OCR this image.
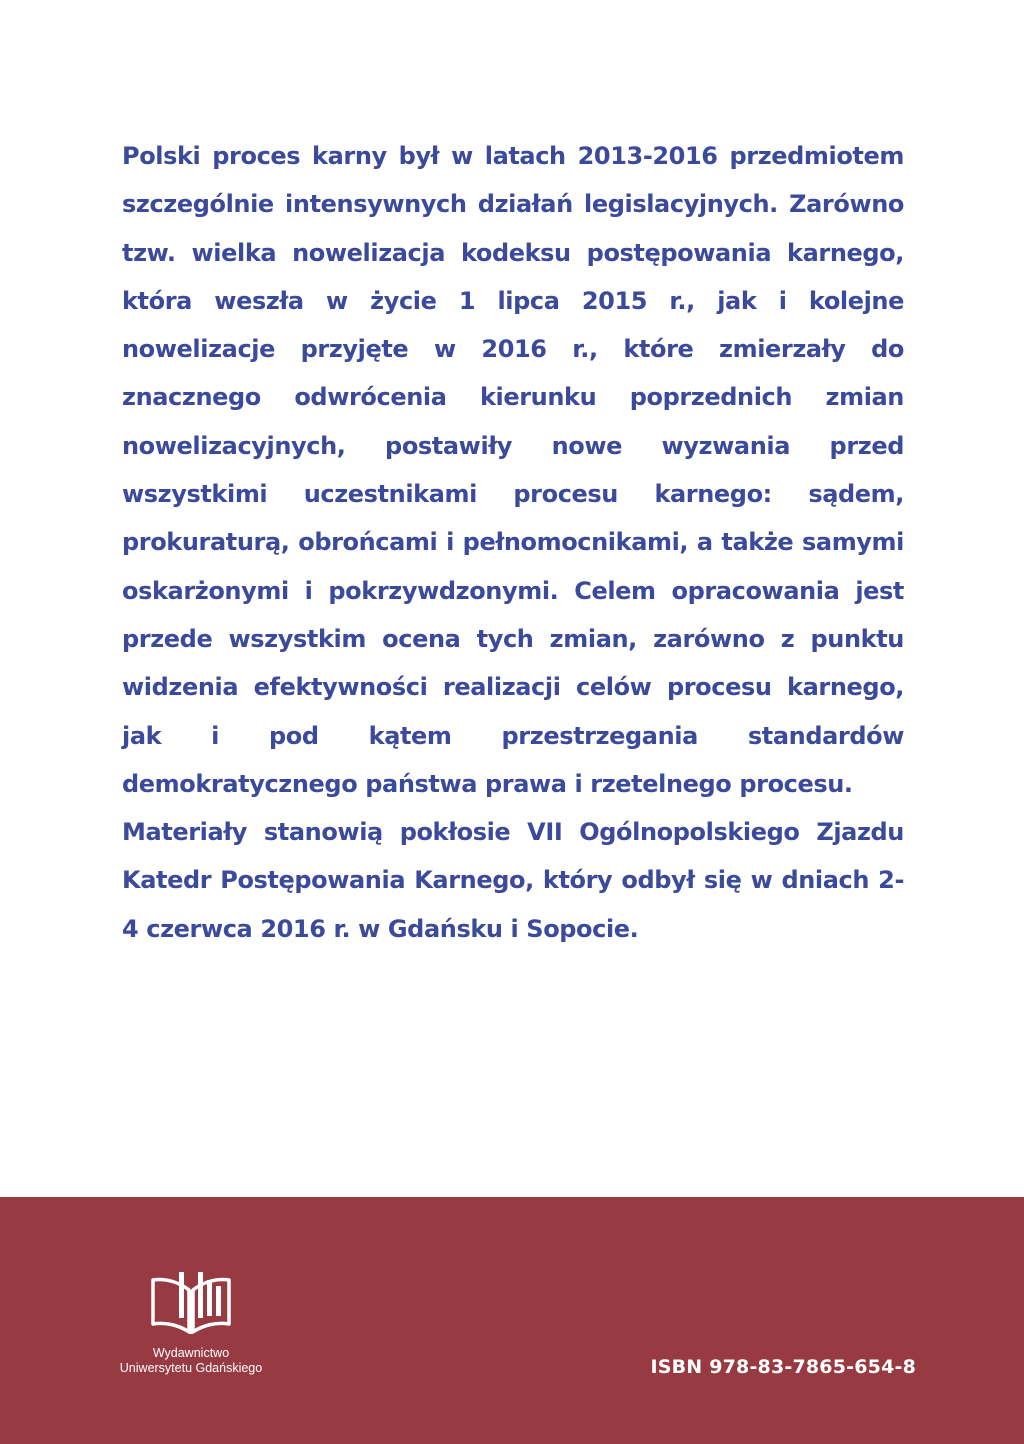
Polski proces karny był w latach 2013-2016 przedmiotem szczególnie intensywnych działań legislacyjnych. Zarówno tzw. wielka nowelizacja kodeksu postępowania karnego, która weszła w życie 1 lipca 2015 r., jak i kolejne nowelizacje przyjęte w 2016 r., które zmierzały do znacznego odwrócenia kierunku poprzednich zmian nowelizacyjnych, postawiły nowe wyzwania przed wszystkimi uczestnikami procesu karnego: sądem, prokuraturą, obrońcami i pełnomocnikami, a także samymi oskarżonymi i pokrzywdzonymi. Celem opracowania jest przede wszystkim ocena tych zmian, zarówno z punktu widzenia efektywności realizacji celów procesu karnego, jak i pod kątem przestrzegania standardów demokratycznego państwa prawa i rzetelnego procesu.

Materiały stanowią pokłosie VII Ogólnopolskiego Zjazdu Katedr Postępowania Karnego, który odbył się w dniach 2-4 czerwca 2016 r. w Gdańsku i Sopocie.

Wydawnictwo
Uniwersytetu Gdańskiego	ISBN 978-83-7865-654-8
